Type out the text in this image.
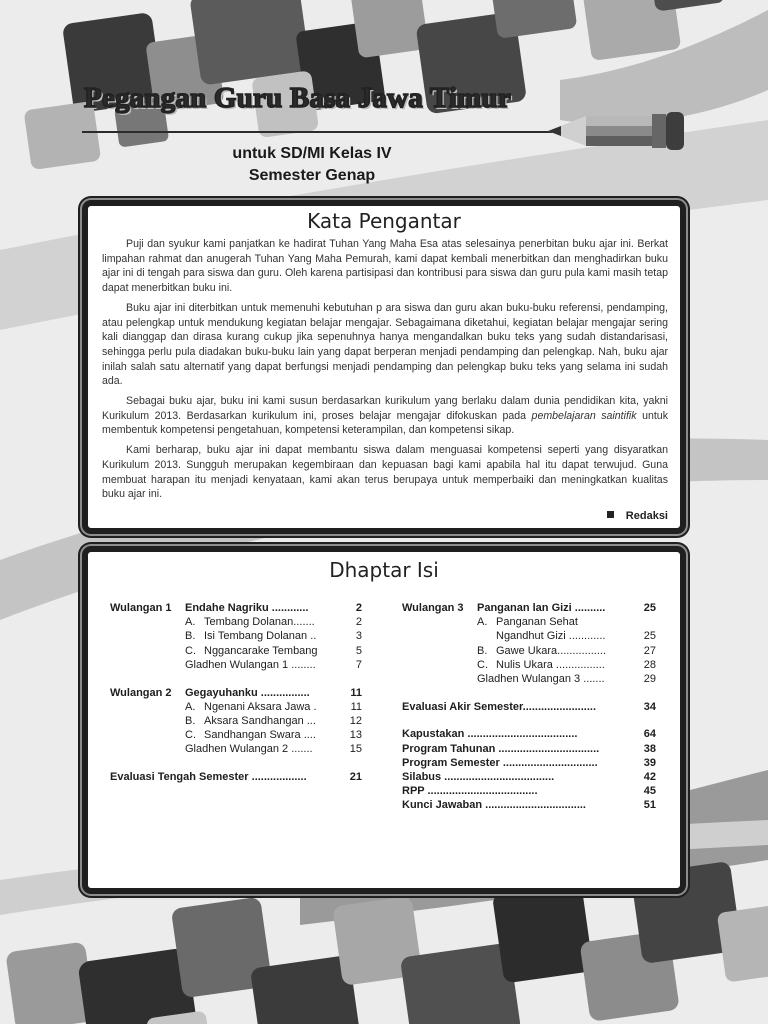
Pegangan Guru Basa Jawa Timur
untuk SD/MI Kelas IV
Semester Genap
Kata Pengantar

Puji dan syukur kami panjatkan ke hadirat Tuhan Yang Maha Esa atas selesainya penerbitan buku ajar ini. Berkat limpahan rahmat dan anugerah Tuhan Yang Maha Pemurah, kami dapat kembali menerbitkan dan menghadirkan buku ajar ini di tengah para siswa dan guru. Oleh karena partisipasi dan kontribusi para siswa dan guru pula kami masih tetap dapat menerbitkan buku ini.

Buku ajar ini diterbitkan untuk memenuhi kebutuhan p ara siswa dan guru akan buku-buku referensi, pendamping, atau pelengkap untuk mendukung kegiatan belajar mengajar. Sebagaimana diketahui, kegiatan belajar mengajar sering kali dianggap dan dirasa kurang cukup jika sepenuhnya hanya mengandalkan buku teks yang sudah distandarisasi, sehingga perlu pula diadakan buku-buku lain yang dapat berperan menjadi pendamping dan pelengkap. Nah, buku ajar inilah salah satu alternatif yang dapat berfungsi menjadi pendamping dan pelengkap buku teks yang selama ini sudah ada.

Sebagai buku ajar, buku ini kami susun berdasarkan kurikulum yang berlaku dalam dunia pendidikan kita, yakni Kurikulum 2013. Berdasarkan kurikulum ini, proses belajar mengajar difokuskan pada pembelajaran saintifik untuk membentuk kompetensi pengetahuan, kompetensi keterampilan, dan kompetensi sikap.

Kami berharap, buku ajar ini dapat membantu siswa dalam menguasai kompetensi seperti yang disyaratkan Kurikulum 2013. Sungguh merupakan kegembiraan dan kepuasan bagi kami apabila hal itu dapat terwujud. Guna membuat harapan itu menjadi kenyataan, kami akan terus berupaya untuk memperbaiki dan meningkatkan kualitas buku ajar ini.

Redaksi
Dhaptar Isi
Wulangan 1	Endahe Nagriku ............	2
A. Tembang Dolanan.......	2
B. Isi Tembang Dolanan ..	3
C. Nggancarake Tembang	5
Gladhen Wulangan 1 ........	7
Wulangan 2	Gegayuhanku ................	11
A. Ngenani Aksara Jawa .	11
B. Aksara Sandhangan ...	12
C. Sandhangan Swara ....	13
Gladhen Wulangan 2 .......	15
Evaluasi Tengah Semester ..................	21
Wulangan 3	Panganan lan Gizi ..........	25
A. Panganan Sehat
Ngandhut Gizi ............	25
B. Gawe Ukara................	27
C. Nulis Ukara ................	28
Gladhen Wulangan 3 .......	29
Evaluasi Akir Semester........................	34
Kapustakan ....................................	64
Program Tahunan .................................	38
Program Semester ...............................	39
Silabus ....................................	42
RPP ....................................	45
Kunci Jawaban .................................	51
